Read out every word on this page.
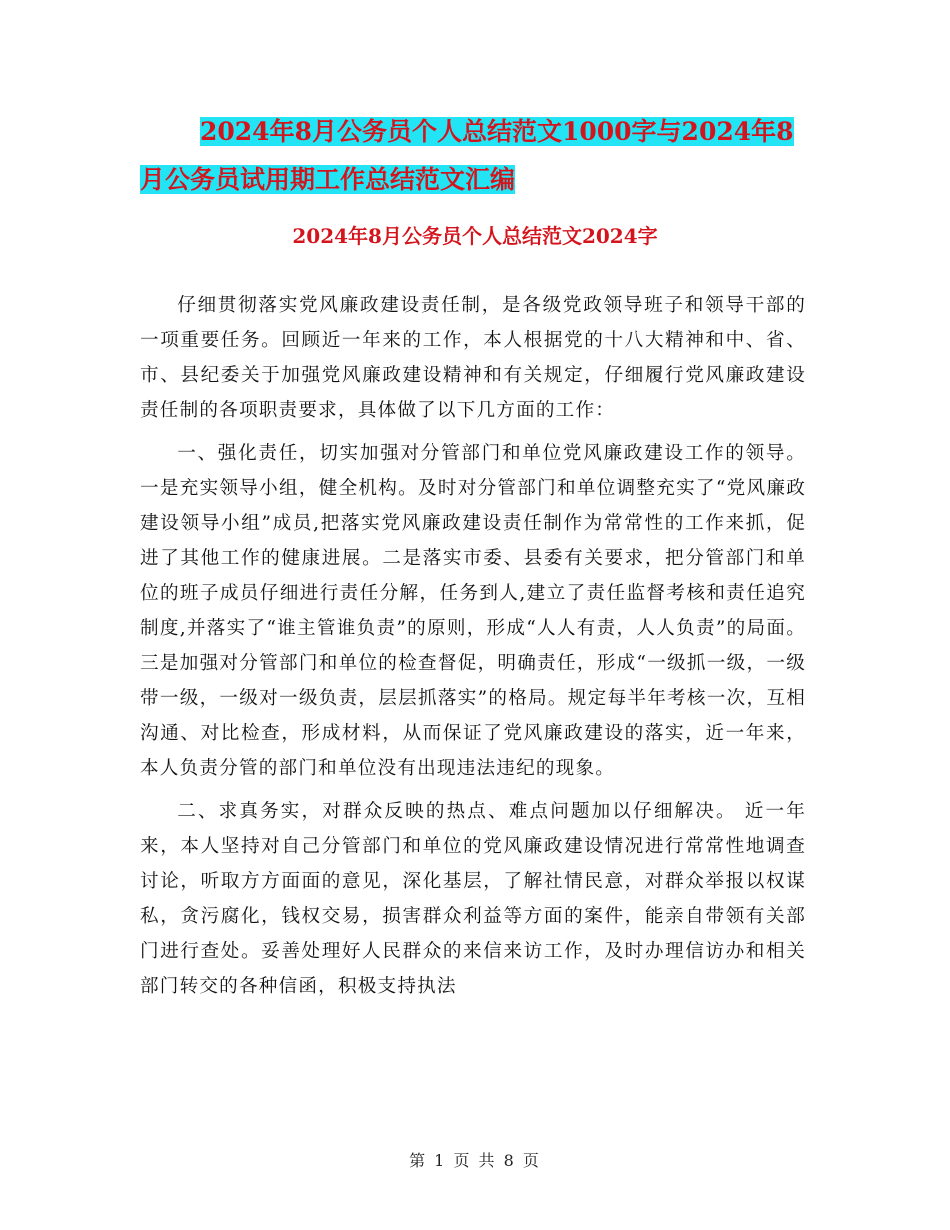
2024年8月公务员个人总结范文1000字与2024年8
月公务员试用期工作总结范文汇编
2024年8月公务员个人总结范文2024字

仔细贯彻落实党风廉政建设责任制，是各级党政领导班子和领导干部的一项重要任务。回顾近一年来的工作，本人根据党的十八大精神和中、省、市、县纪委关于加强党风廉政建设精神和有关规定，仔细履行党风廉政建设责任制的各项职责要求，具体做了以下几方面的工作：

一、强化责任，切实加强对分管部门和单位党风廉政建设工作的领导。 一是充实领导小组，健全机构。及时对分管部门和单位调整充实了“党风廉政建设领导小组”成员,把落实党风廉政建设责任制作为常常性的工作来抓，促进了其他工作的健康进展。二是落实市委、县委有关要求，把分管部门和单位的班子成员仔细进行责任分解，任务到人,建立了责任监督考核和责任追究制度,并落实了“谁主管谁负责”的原则，形成“人人有责，人人负责”的局面。三是加强对分管部门和单位的检查督促，明确责任，形成“一级抓一级，一级带一级，一级对一级负责，层层抓落实”的格局。规定每半年考核一次，互相沟通、对比检查，形成材料，从而保证了党风廉政建设的落实，近一年来，本人负责分管的部门和单位没有出现违法违纪的现象。

二、求真务实，对群众反映的热点、难点问题加以仔细解决。 近一年来，本人坚持对自己分管部门和单位的党风廉政建设情况进行常常性地调查讨论，听取方方面面的意见，深化基层，了解社情民意，对群众举报以权谋私，贪污腐化，钱权交易，损害群众利益等方面的案件，能亲自带领有关部门进行查处。妥善处理好人民群众的来信来访工作，及时办理信访办和相关部门转交的各种信函，积极支持执法

第 1 页 共 8 页
